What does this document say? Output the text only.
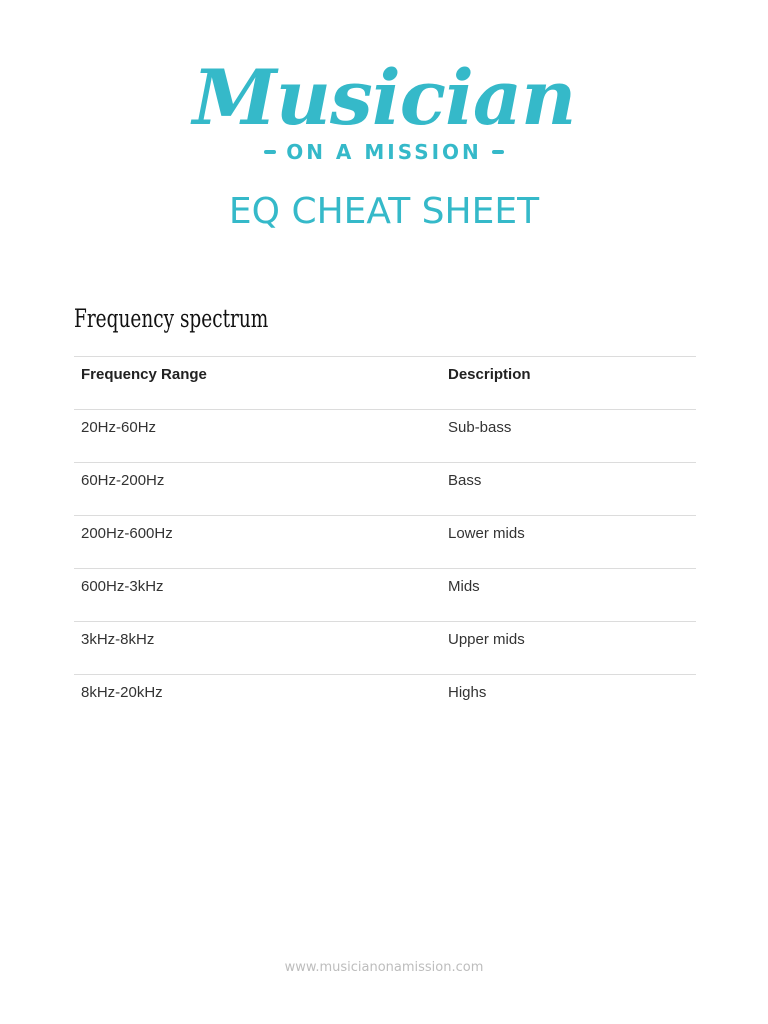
Musician
ON A MISSION
EQ CHEAT SHEET
Frequency spectrum
Frequency Range	Description
20Hz-60Hz	Sub-bass
60Hz-200Hz	Bass
200Hz-600Hz	Lower mids
600Hz-3kHz	Mids
3kHz-8kHz	Upper mids
8kHz-20kHz	Highs
www.musicianonamission.com
